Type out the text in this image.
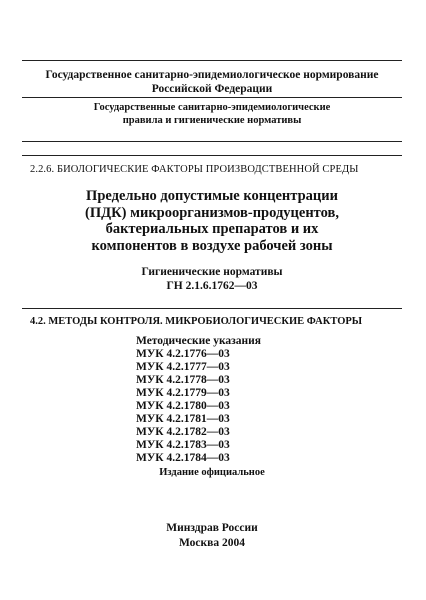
Государственное санитарно-эпидемиологическое нормирование
Российской Федерации
Государственные санитарно-эпидемиологические
правила и гигиенические нормативы
2.2.6. БИОЛОГИЧЕСКИЕ ФАКТОРЫ ПРОИЗВОДСТВЕННОЙ СРЕДЫ
Предельно допустимые концентрации
(ПДК) микроорганизмов-продуцентов,
бактериальных препаратов и их
компонентов в воздухе рабочей зоны
Гигиенические нормативы
ГН 2.1.6.1762—03
4.2. МЕТОДЫ КОНТРОЛЯ. МИКРОБИОЛОГИЧЕСКИЕ ФАКТОРЫ
Методические указания
МУК 4.2.1776—03
МУК 4.2.1777—03
МУК 4.2.1778—03
МУК 4.2.1779—03
МУК 4.2.1780—03
МУК 4.2.1781—03
МУК 4.2.1782—03
МУК 4.2.1783—03
МУК 4.2.1784—03
Издание официальное
Минздрав России
Москва 2004
